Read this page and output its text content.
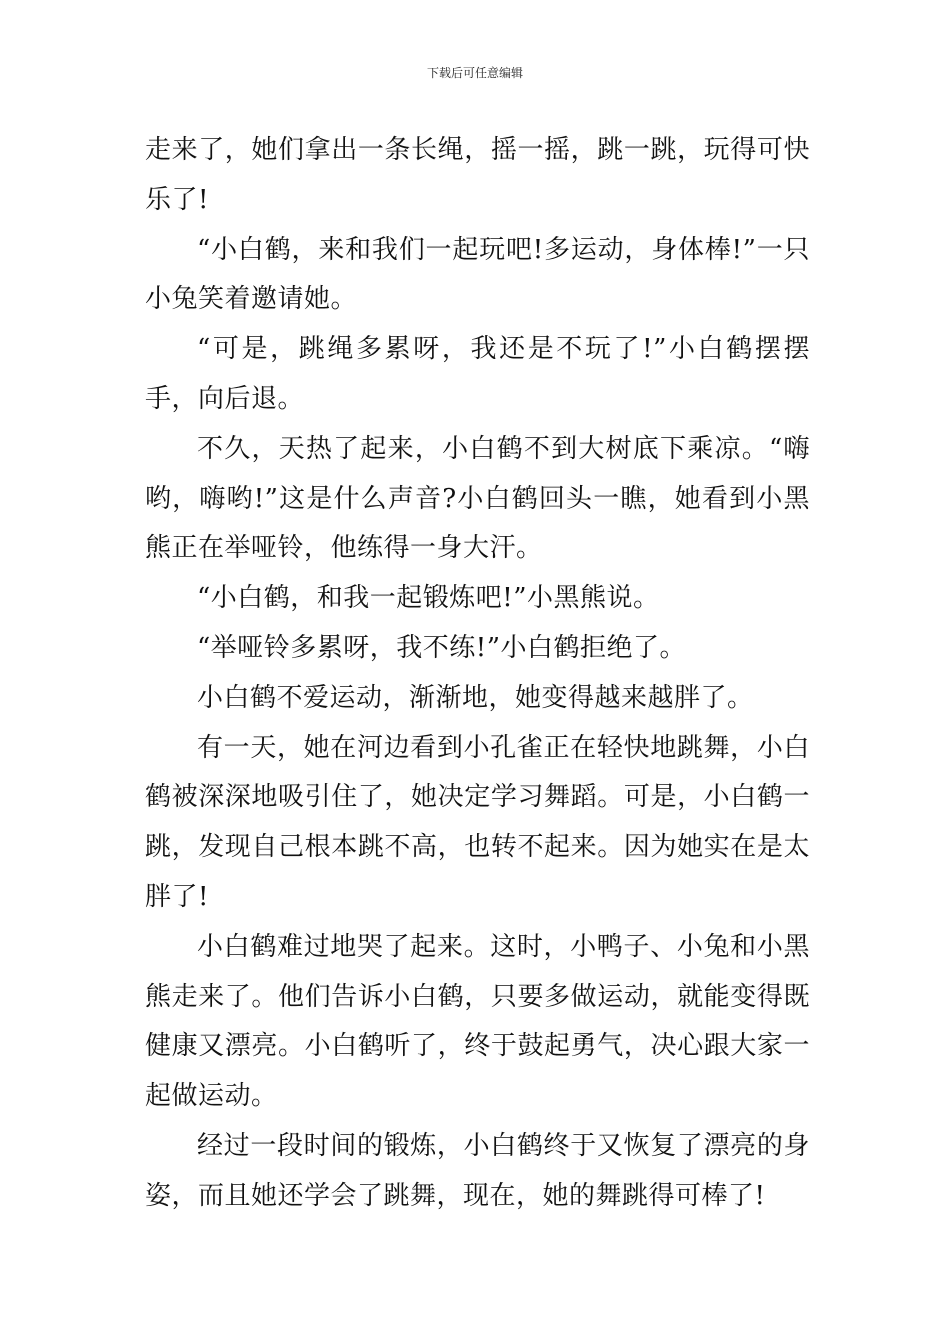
下载后可任意编辑

走来了，她们拿出一条长绳，摇一摇，跳一跳，玩得可快乐了!

“小白鹤，来和我们一起玩吧!多运动，身体棒!”一只小兔笑着邀请她。

“可是，跳绳多累呀，我还是不玩了!”小白鹤摆摆手，向后退。

不久，天热了起来，小白鹤不到大树底下乘凉。“嗨哟，嗨哟!”这是什么声音?小白鹤回头一瞧，她看到小黑熊正在举哑铃，他练得一身大汗。

“小白鹤，和我一起锻炼吧!”小黑熊说。

“举哑铃多累呀，我不练!”小白鹤拒绝了。

小白鹤不爱运动，渐渐地，她变得越来越胖了。

有一天，她在河边看到小孔雀正在轻快地跳舞，小白鹤被深深地吸引住了，她决定学习舞蹈。可是，小白鹤一跳，发现自己根本跳不高，也转不起来。因为她实在是太胖了!

小白鹤难过地哭了起来。这时，小鸭子、小兔和小黑熊走来了。他们告诉小白鹤，只要多做运动，就能变得既健康又漂亮。小白鹤听了，终于鼓起勇气，决心跟大家一起做运动。

经过一段时间的锻炼，小白鹤终于又恢复了漂亮的身姿，而且她还学会了跳舞，现在，她的舞跳得可棒了!
